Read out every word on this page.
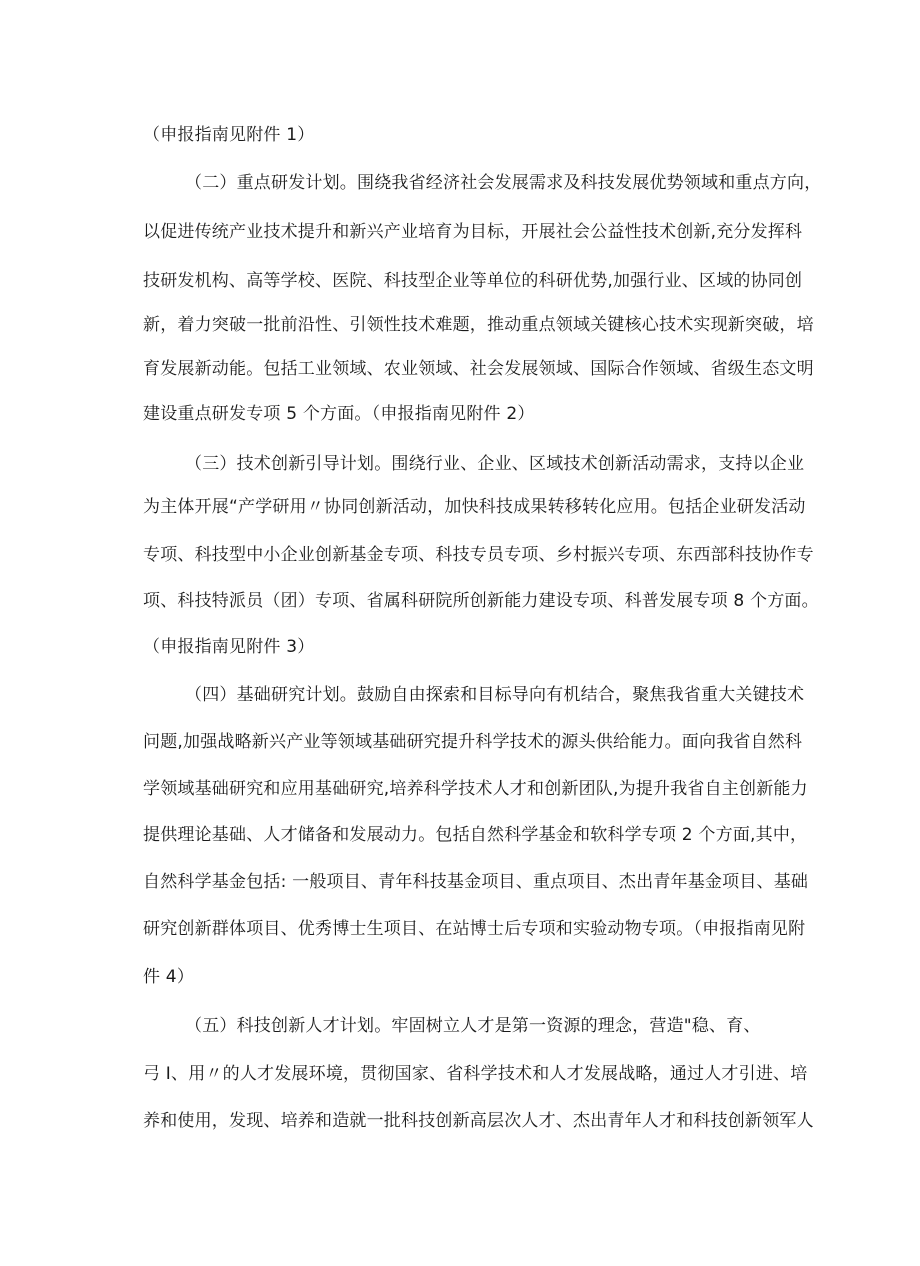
（申报指南见附件 1）
（二）重点研发计划。围绕我省经济社会发展需求及科技发展优势领域和重点方向，
以促进传统产业技术提升和新兴产业培育为目标，开展社会公益性技术创新,充分发挥科
技研发机构、高等学校、医院、科技型企业等单位的科研优势,加强行业、区域的协同创
新，着力突破一批前沿性、引领性技术难题，推动重点领域关键核心技术实现新突破，培
育发展新动能。包括工业领域、农业领域、社会发展领域、国际合作领域、省级生态文明
建设重点研发专项 5 个方面。（申报指南见附件 2）
（三）技术创新引导计划。围绕行业、企业、区域技术创新活动需求，支持以企业
为主体开展“产学研用〃协同创新活动，加快科技成果转移转化应用。包括企业研发活动
专项、科技型中小企业创新基金专项、科技专员专项、乡村振兴专项、东西部科技协作专
项、科技特派员（团）专项、省属科研院所创新能力建设专项、科普发展专项 8 个方面。
（申报指南见附件 3）
（四）基础研究计划。鼓励自由探索和目标导向有机结合，聚焦我省重大关键技术
问题,加强战略新兴产业等领域基础研究提升科学技术的源头供给能力。面向我省自然科
学领域基础研究和应用基础研究,培养科学技术人才和创新团队,为提升我省自主创新能力
提供理论基础、人才储备和发展动力。包括自然科学基金和软科学专项 2 个方面,其中，
自然科学基金包括: 一般项目、青年科技基金项目、重点项目、杰出青年基金项目、基础
研究创新群体项目、优秀博士生项目、在站博士后专项和实验动物专项。（申报指南见附
件 4）
（五）科技创新人才计划。牢固树立人才是第一资源的理念，营造"稳、育、
弓 I、用〃的人才发展环境，贯彻国家、省科学技术和人才发展战略，通过人才引进、培
养和使用，发现、培养和造就一批科技创新高层次人才、杰出青年人才和科技创新领军人
